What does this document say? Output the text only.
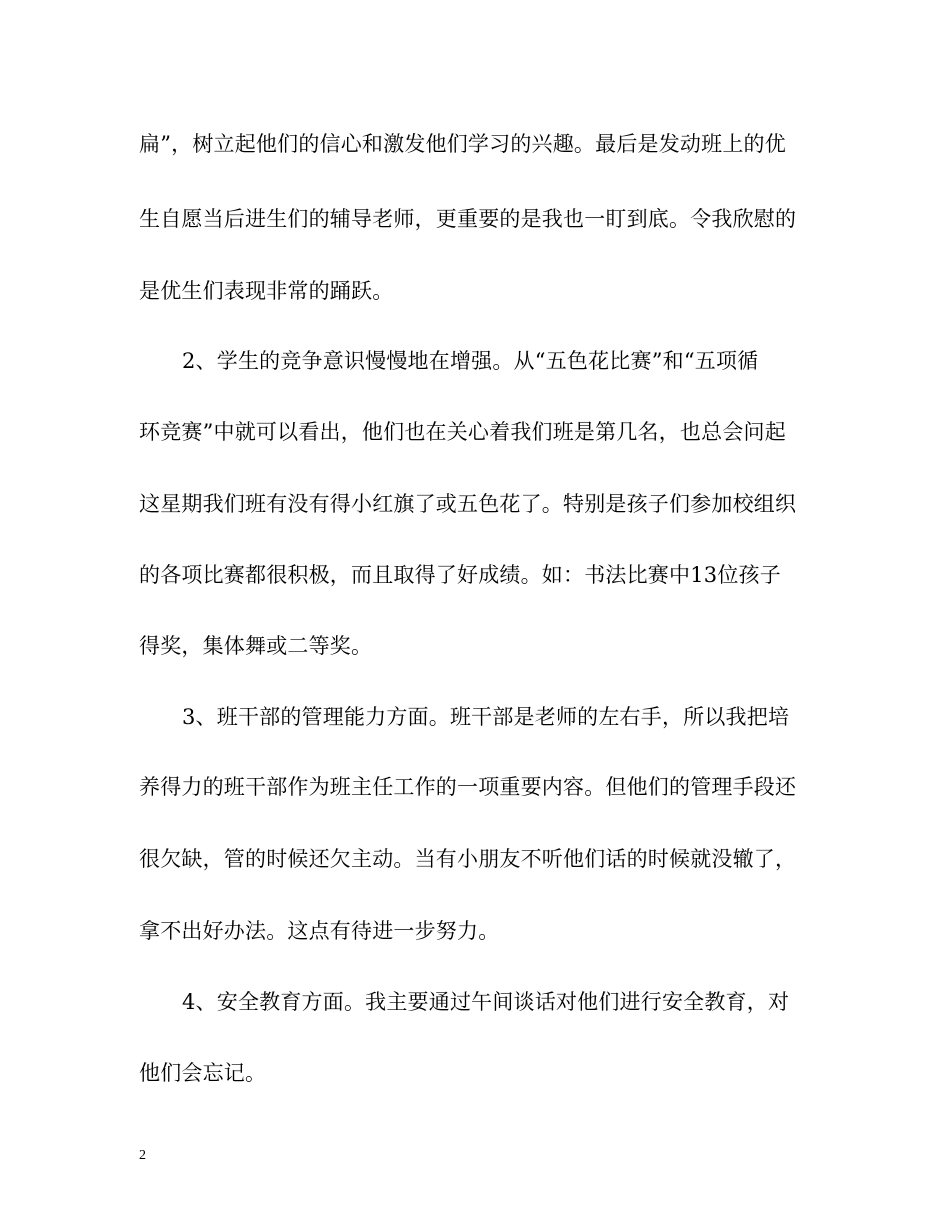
扁”，树立起他们的信心和激发他们学习的兴趣。最后是发动班上的优
生自愿当后进生们的辅导老师，更重要的是我也一盯到底。令我欣慰的
是优生们表现非常的踊跃。
2、学生的竞争意识慢慢地在增强。从“五色花比赛”和“五项循
环竞赛”中就可以看出，他们也在关心着我们班是第几名，也总会问起
这星期我们班有没有得小红旗了或五色花了。特别是孩子们参加校组织
的各项比赛都很积极，而且取得了好成绩。如：书法比赛中13位孩子
得奖，集体舞或二等奖。
3、班干部的管理能力方面。班干部是老师的左右手，所以我把培
养得力的班干部作为班主任工作的一项重要内容。但他们的管理手段还
很欠缺，管的时候还欠主动。当有小朋友不听他们话的时候就没辙了，
拿不出好办法。这点有待进一步努力。
4、安全教育方面。我主要通过午间谈话对他们进行安全教育，对
他们会忘记。
2
